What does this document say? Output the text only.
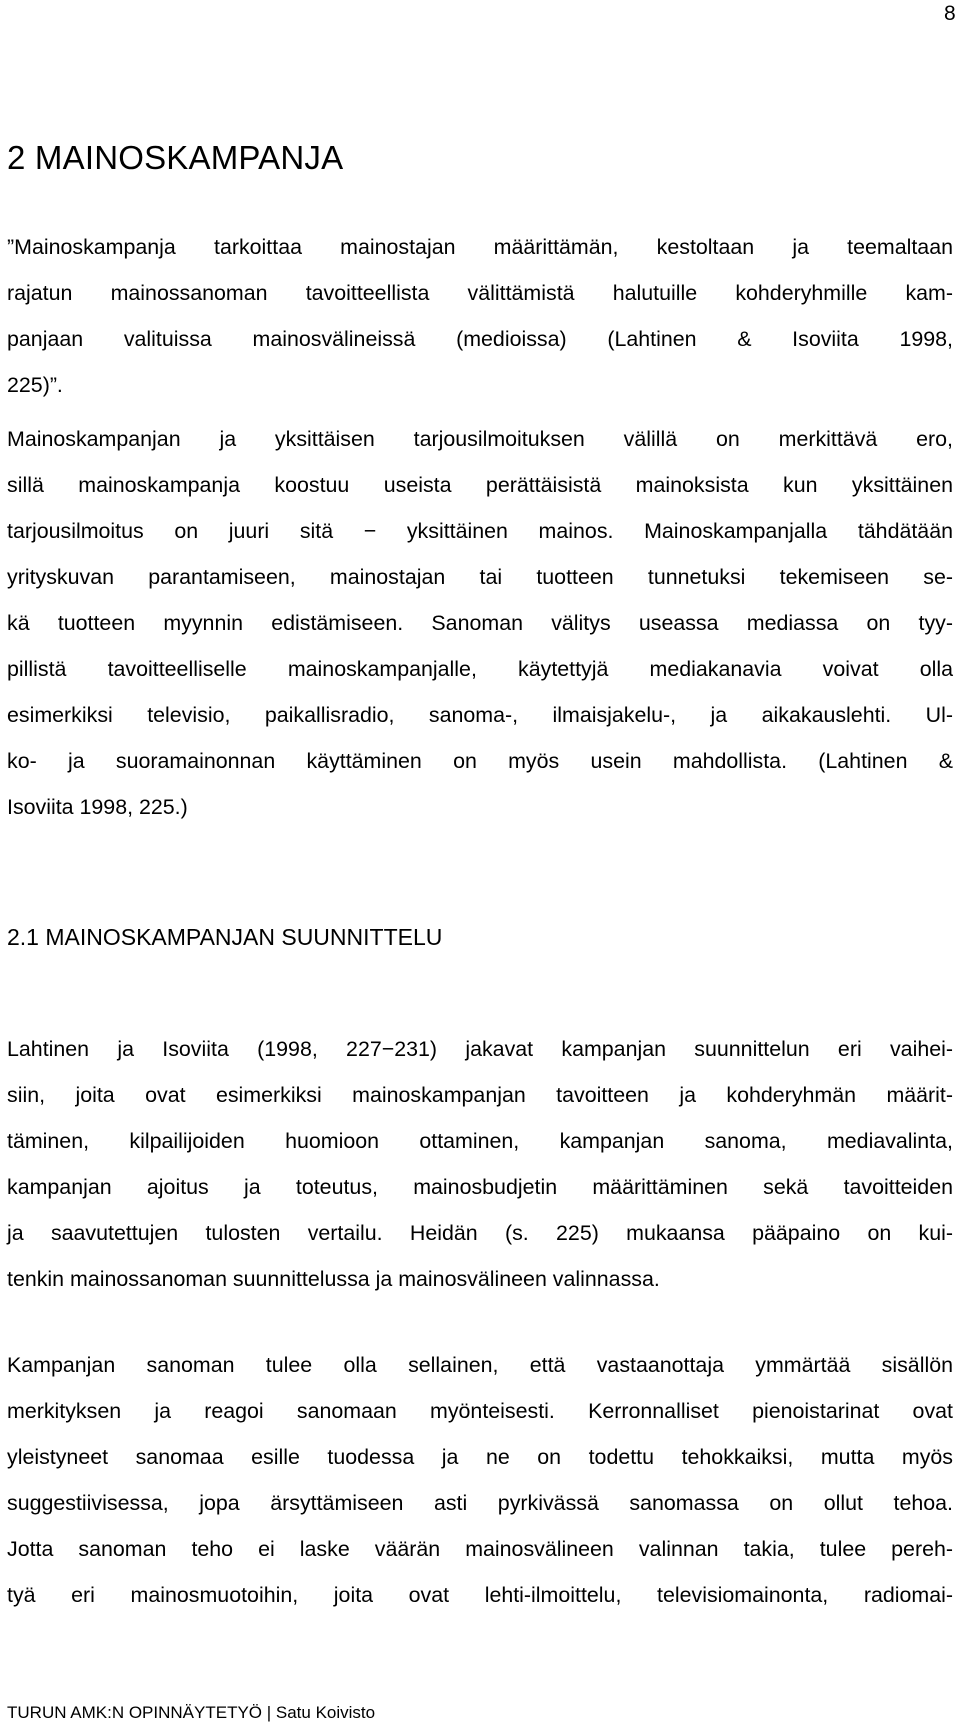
8
2 MAINOSKAMPANJA
”Mainoskampanja tarkoittaa mainostajan määrittämän, kestoltaan ja teemaltaan
rajatun mainossanoman tavoitteellista välittämistä halutuille kohderyhmille kam-
panjaan valituissa mainosvälineissä (medioissa) (Lahtinen & Isoviita 1998,
225)”.
Mainoskampanjan ja yksittäisen tarjousilmoituksen välillä on merkittävä ero,
sillä mainoskampanja koostuu useista perättäisistä mainoksista kun yksittäinen
tarjousilmoitus on juuri sitä − yksittäinen mainos. Mainoskampanjalla tähdätään
yrityskuvan parantamiseen, mainostajan tai tuotteen tunnetuksi tekemiseen se-
kä tuotteen myynnin edistämiseen. Sanoman välitys useassa mediassa on tyy-
pillistä tavoitteelliselle mainoskampanjalle, käytettyjä mediakanavia voivat olla
esimerkiksi televisio, paikallisradio, sanoma-, ilmaisjakelu-, ja aikakauslehti. Ul-
ko- ja suoramainonnan käyttäminen on myös usein mahdollista. (Lahtinen &
Isoviita 1998, 225.)
2.1 MAINOSKAMPANJAN SUUNNITTELU
Lahtinen ja Isoviita (1998, 227−231) jakavat kampanjan suunnittelun eri vaihei-
siin, joita ovat esimerkiksi mainoskampanjan tavoitteen ja kohderyhmän määrit-
täminen, kilpailijoiden huomioon ottaminen, kampanjan sanoma, mediavalinta,
kampanjan ajoitus ja toteutus, mainosbudjetin määrittäminen sekä tavoitteiden
ja saavutettujen tulosten vertailu. Heidän (s. 225) mukaansa pääpaino on kui-
tenkin mainossanoman suunnittelussa ja mainosvälineen valinnassa.
Kampanjan sanoman tulee olla sellainen, että vastaanottaja ymmärtää sisällön
merkityksen ja reagoi sanomaan myönteisesti. Kerronnalliset pienoistarinat ovat
yleistyneet sanomaa esille tuodessa ja ne on todettu tehokkaiksi, mutta myös
suggestiivisessa, jopa ärsyttämiseen asti pyrkivässä sanomassa on ollut tehoa.
Jotta sanoman teho ei laske väärän mainosvälineen valinnan takia, tulee pereh-
tyä eri mainosmuotoihin, joita ovat lehti-ilmoittelu, televisiomainonta, radiomai-
TURUN AMK:N OPINNÄYTETYÖ | Satu Koivisto
